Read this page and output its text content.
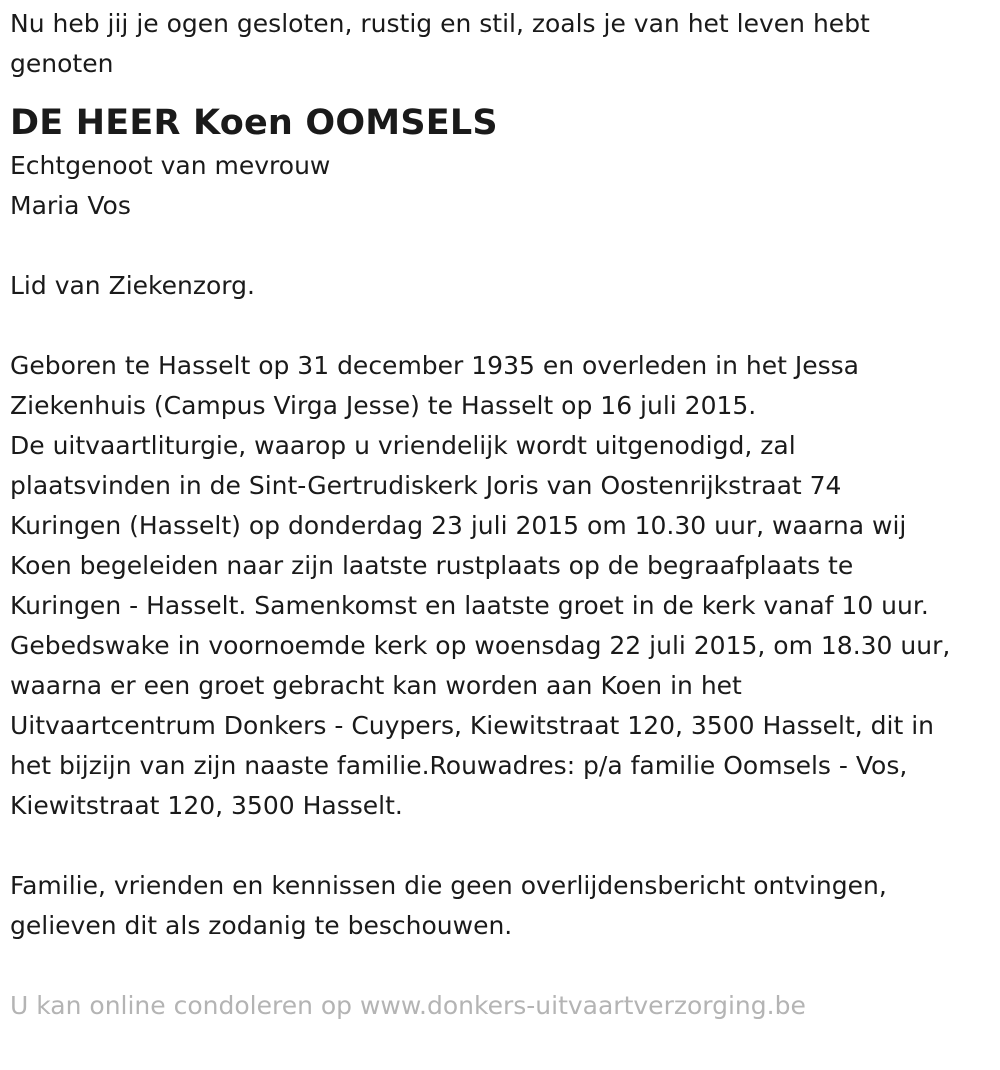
Nu heb jij je ogen gesloten, rustig en stil, zoals je van het leven hebt
genoten
DE HEER Koen OOMSELS
Echtgenoot van mevrouw
Maria Vos
Lid van Ziekenzorg.
Geboren te Hasselt op 31 december 1935 en overleden in het Jessa
Ziekenhuis (Campus Virga Jesse) te Hasselt op 16 juli 2015.
De uitvaartliturgie, waarop u vriendelijk wordt uitgenodigd, zal
plaatsvinden in de Sint-Gertrudiskerk Joris van Oostenrijkstraat 74
Kuringen (Hasselt) op donderdag 23 juli 2015 om 10.30 uur, waarna wij
Koen begeleiden naar zijn laatste rustplaats op de begraafplaats te
Kuringen - Hasselt. Samenkomst en laatste groet in de kerk vanaf 10 uur.
Gebedswake in voornoemde kerk op woensdag 22 juli 2015, om 18.30 uur,
waarna er een groet gebracht kan worden aan Koen in het
Uitvaartcentrum Donkers - Cuypers, Kiewitstraat 120, 3500 Hasselt, dit in
het bijzijn van zijn naaste familie.Rouwadres: p/a familie Oomsels - Vos,
Kiewitstraat 120, 3500 Hasselt.
Familie, vrienden en kennissen die geen overlijdensbericht ontvingen,
gelieven dit als zodanig te beschouwen.
U kan online condoleren op www.donkers-uitvaartverzorging.be
